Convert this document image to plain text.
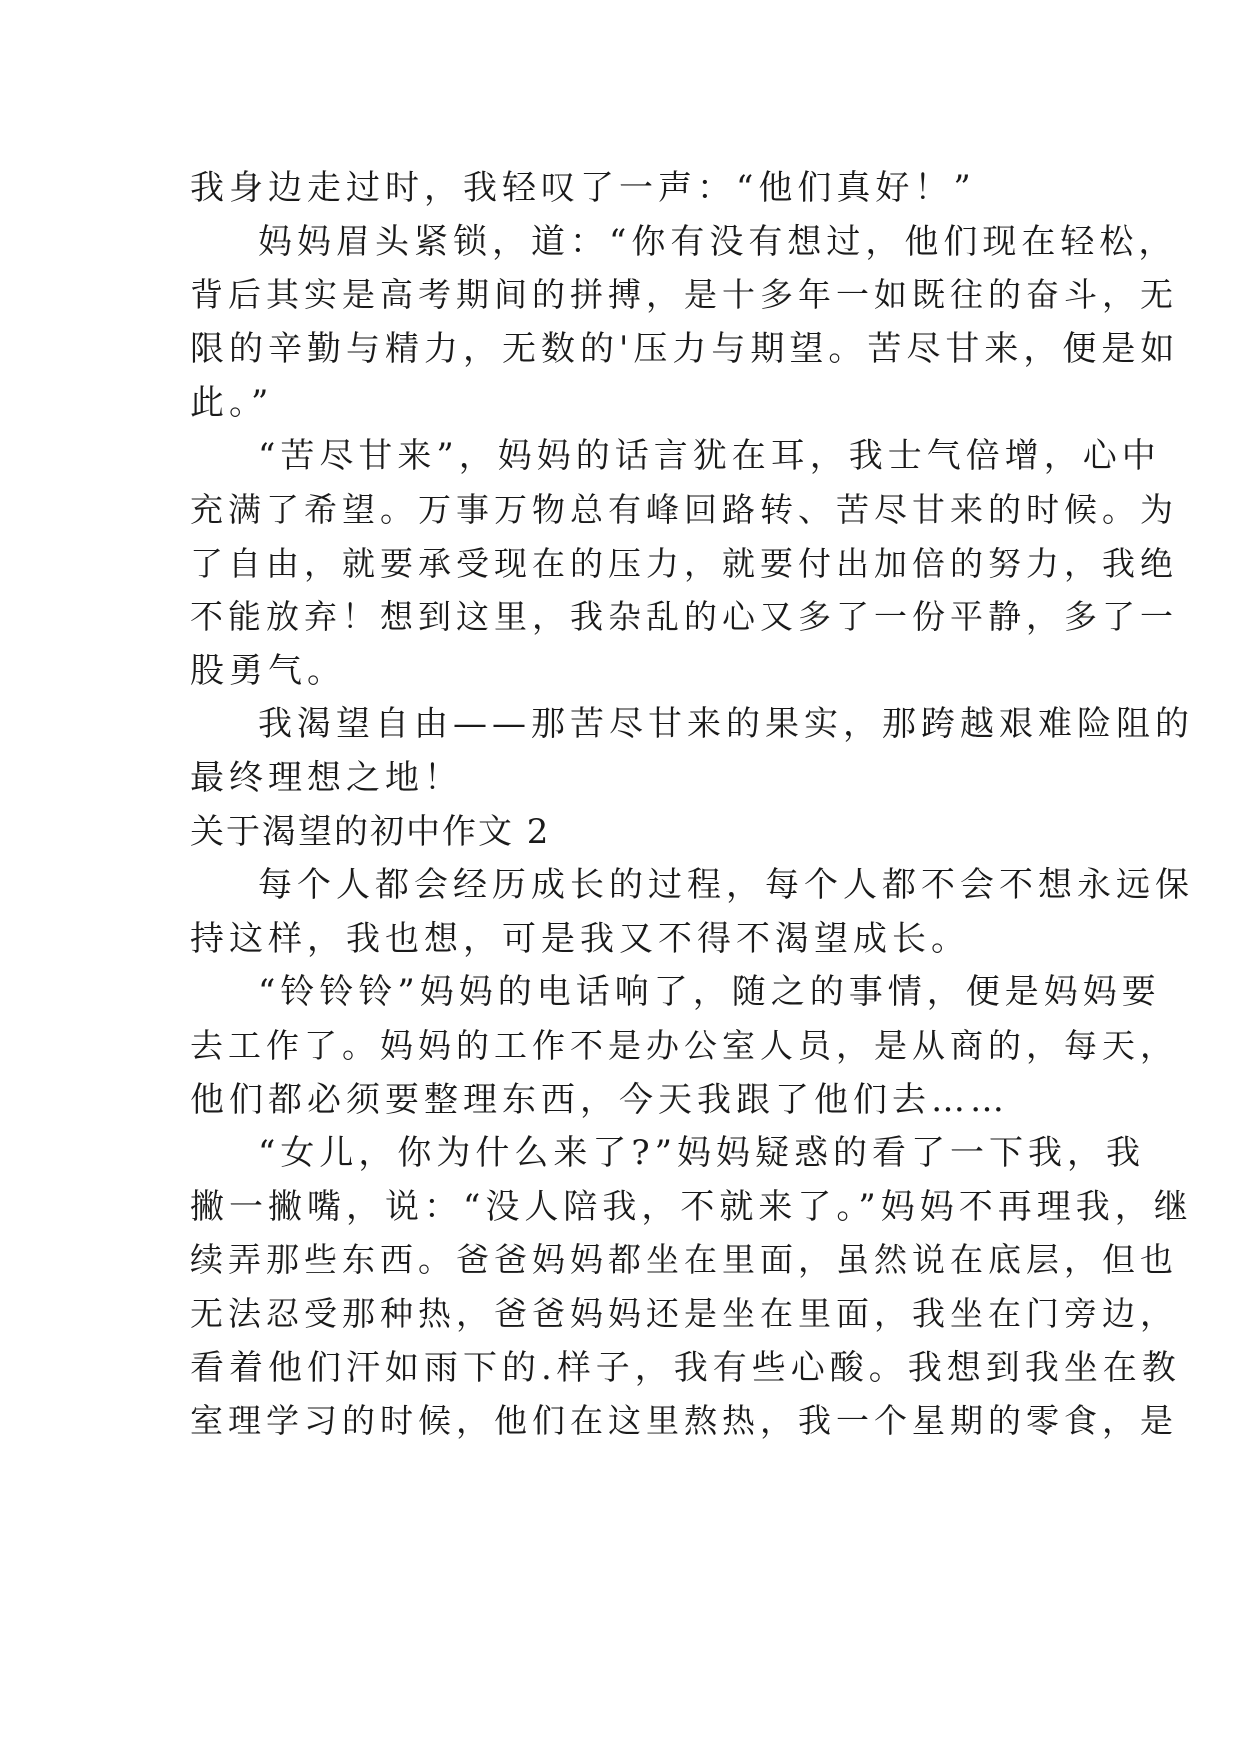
我身边走过时，我轻叹了一声：“他们真好！”

妈妈眉头紧锁，道：“你有没有想过，他们现在轻松，

背后其实是高考期间的拼搏，是十多年一如既往的奋斗，无

限的辛勤与精力，无数的'压力与期望。苦尽甘来，便是如

此。”

“苦尽甘来”，妈妈的话言犹在耳，我士气倍增，心中

充满了希望。万事万物总有峰回路转、苦尽甘来的时候。为

了自由，就要承受现在的压力，就要付出加倍的努力，我绝

不能放弃！想到这里，我杂乱的心又多了一份平静，多了一

股勇气。

我渴望自由——那苦尽甘来的果实，那跨越艰难险阻的

最终理想之地！

关于渴望的初中作文 2

每个人都会经历成长的过程，每个人都不会不想永远保

持这样，我也想，可是我又不得不渴望成长。

“铃铃铃”妈妈的电话响了，随之的事情，便是妈妈要

去工作了。妈妈的工作不是办公室人员，是从商的，每天，

他们都必须要整理东西，今天我跟了他们去……

“女儿，你为什么来了?”妈妈疑惑的看了一下我，我

撇一撇嘴，说：“没人陪我，不就来了。”妈妈不再理我，继

续弄那些东西。爸爸妈妈都坐在里面，虽然说在底层，但也

无法忍受那种热，爸爸妈妈还是坐在里面，我坐在门旁边，

看着他们汗如雨下的.样子，我有些心酸。我想到我坐在教

室理学习的时候，他们在这里熬热，我一个星期的零食，是
